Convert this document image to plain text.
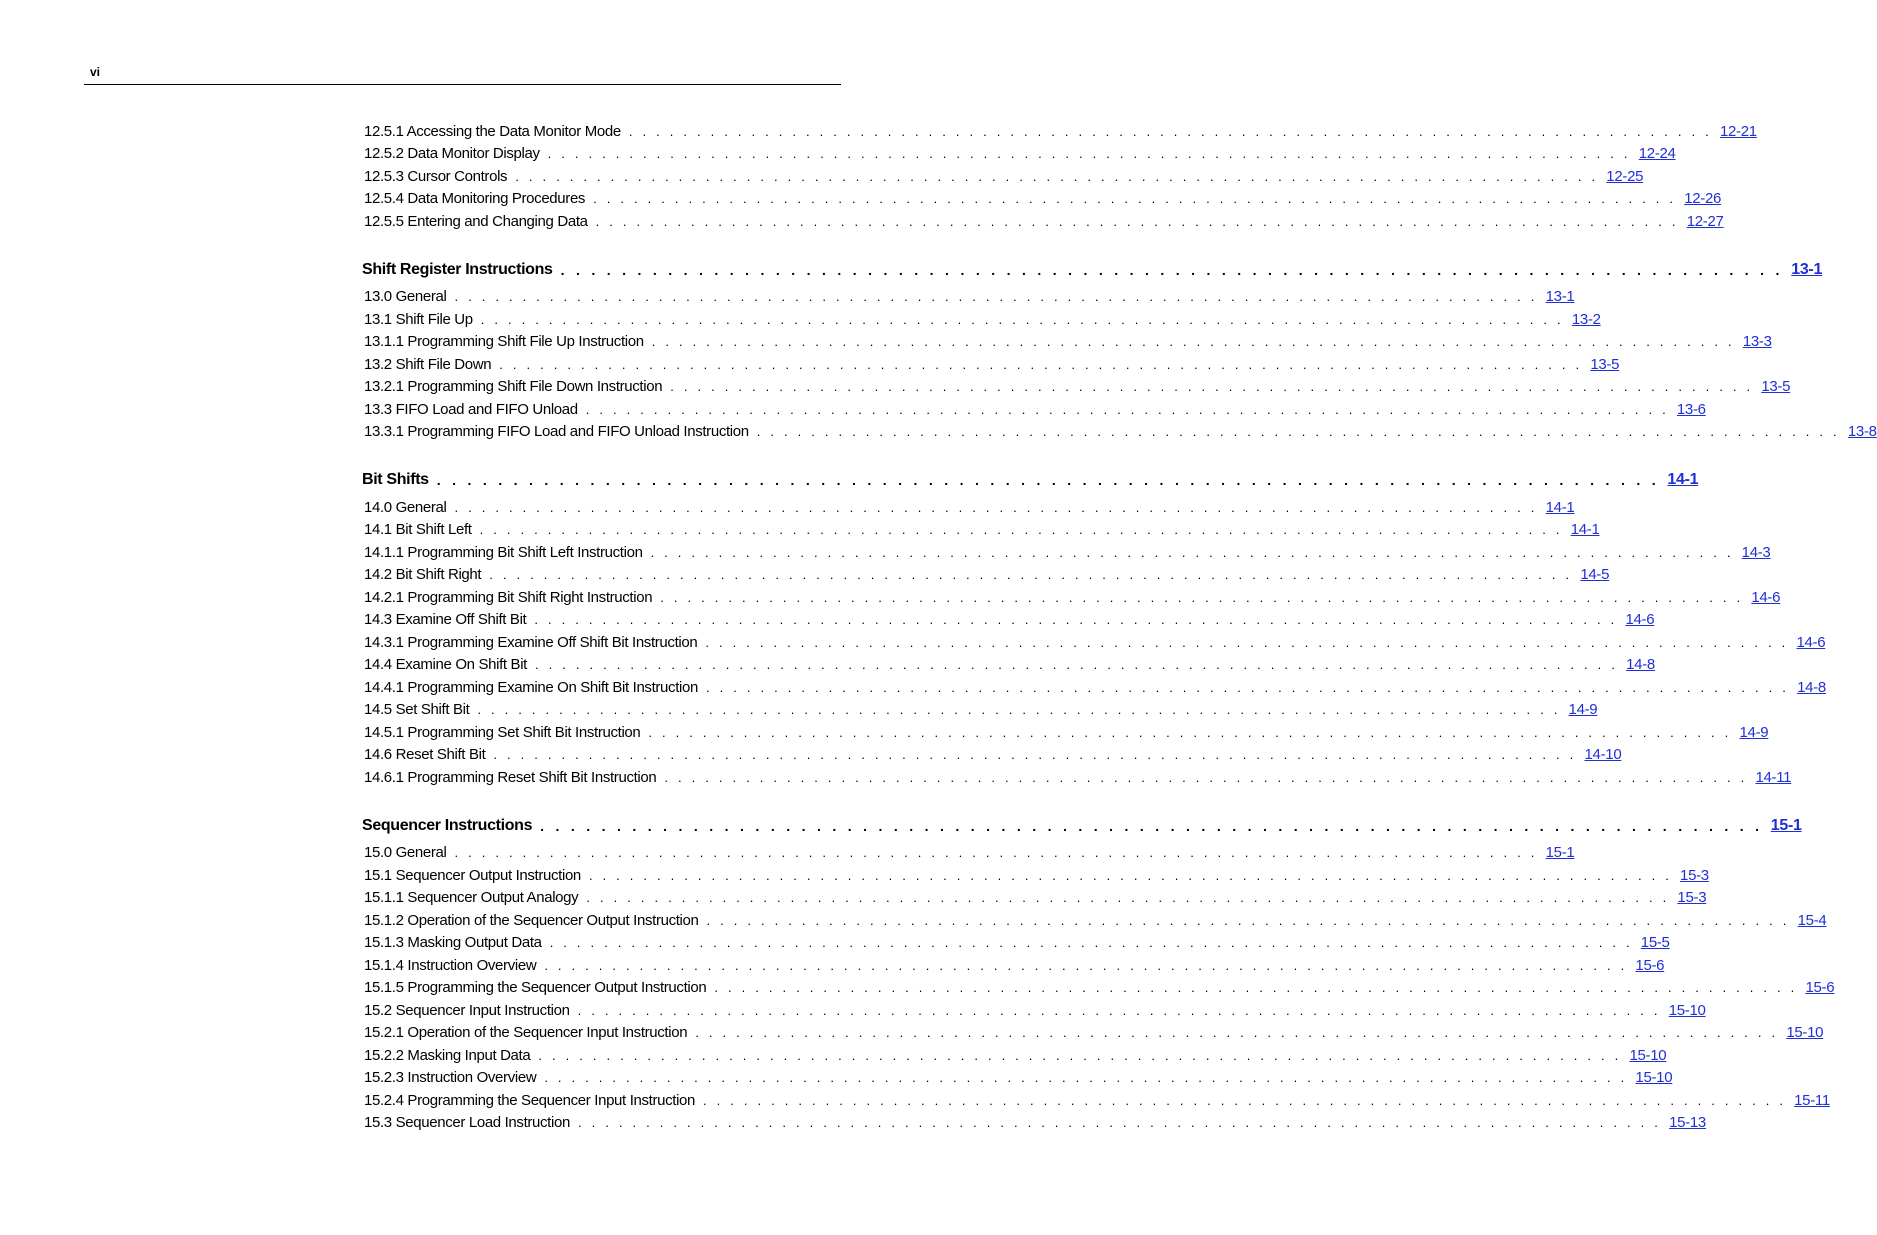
vi
12.5.1 Accessing the Data Monitor Mode . . . . . . . . . . . . . . . . . . . . . . . . . . . . . . . . . . . . . . . . . . . . . . . . . . . . . . . . . . . . . . . . . . . . . . . . . . . . . . . . 12-21
12.5.2 Data Monitor Display . . . . . . . . . . . . . . . . . . . . . . . . . . . . . . . . . . . . . . . . . . . . . . . . . . . . . . . . . . . . . . . . . . . . . . . . . . . . . . . . 12-24
12.5.3 Cursor Controls . . . . . . . . . . . . . . . . . . . . . . . . . . . . . . . . . . . . . . . . . . . . . . . . . . . . . . . . . . . . . . . . . . . . . . . . . . . . . . . . 12-25
12.5.4 Data Monitoring Procedures . . . . . . . . . . . . . . . . . . . . . . . . . . . . . . . . . . . . . . . . . . . . . . . . . . . . . . . . . . . . . . . . . . . . . . . . . . . . . . . . 12-26
12.5.5 Entering and Changing Data . . . . . . . . . . . . . . . . . . . . . . . . . . . . . . . . . . . . . . . . . . . . . . . . . . . . . . . . . . . . . . . . . . . . . . . . . . . . . . . . 12-27
Shift Register Instructions . . . . . . . . . . . . . . . . . . . . . . . . . . . . . . . . . . . . . . . . . . . . . . . . . . . . . . . . . . . . . . . . . . . . . . . . . . . . . . . . 13-1
13.0 General . . . . . . . . . . . . . . . . . . . . . . . . . . . . . . . . . . . . . . . . . . . . . . . . . . . . . . . . . . . . . . . . . . . . . . . . . . . . . . . . 13-1
13.1 Shift File Up . . . . . . . . . . . . . . . . . . . . . . . . . . . . . . . . . . . . . . . . . . . . . . . . . . . . . . . . . . . . . . . . . . . . . . . . . . . . . . . . 13-2
13.1.1 Programming Shift File Up Instruction . . . . . . . . . . . . . . . . . . . . . . . . . . . . . . . . . . . . . . . . . . . . . . . . . . . . . . . . . . . . . . . . . . . . . . . . . . . . . . . . 13-3
13.2 Shift File Down . . . . . . . . . . . . . . . . . . . . . . . . . . . . . . . . . . . . . . . . . . . . . . . . . . . . . . . . . . . . . . . . . . . . . . . . . . . . . . . . 13-5
13.2.1 Programming Shift File Down Instruction . . . . . . . . . . . . . . . . . . . . . . . . . . . . . . . . . . . . . . . . . . . . . . . . . . . . . . . . . . . . . . . . . . . . . . . . . . . . . . . . 13-5
13.3 FIFO Load and FIFO Unload . . . . . . . . . . . . . . . . . . . . . . . . . . . . . . . . . . . . . . . . . . . . . . . . . . . . . . . . . . . . . . . . . . . . . . . . . . . . . . . . 13-6
13.3.1 Programming FIFO Load and FIFO Unload Instruction . . . . . . . . . . . . . . . . . . . . . . . . . . . . . . . . . . . . . . . . . . . . . . . . . . . . . . . . . . . . . . . . . . . . . . . . . . . . . . . . 13-8
Bit Shifts . . . . . . . . . . . . . . . . . . . . . . . . . . . . . . . . . . . . . . . . . . . . . . . . . . . . . . . . . . . . . . . . . . . . . . . . . . . . . . . . 14-1
14.0 General . . . . . . . . . . . . . . . . . . . . . . . . . . . . . . . . . . . . . . . . . . . . . . . . . . . . . . . . . . . . . . . . . . . . . . . . . . . . . . . . 14-1
14.1 Bit Shift Left . . . . . . . . . . . . . . . . . . . . . . . . . . . . . . . . . . . . . . . . . . . . . . . . . . . . . . . . . . . . . . . . . . . . . . . . . . . . . . . . 14-1
14.1.1 Programming Bit Shift Left Instruction . . . . . . . . . . . . . . . . . . . . . . . . . . . . . . . . . . . . . . . . . . . . . . . . . . . . . . . . . . . . . . . . . . . . . . . . . . . . . . . . 14-3
14.2 Bit Shift Right . . . . . . . . . . . . . . . . . . . . . . . . . . . . . . . . . . . . . . . . . . . . . . . . . . . . . . . . . . . . . . . . . . . . . . . . . . . . . . . . 14-5
14.2.1 Programming Bit Shift Right Instruction . . . . . . . . . . . . . . . . . . . . . . . . . . . . . . . . . . . . . . . . . . . . . . . . . . . . . . . . . . . . . . . . . . . . . . . . . . . . . . . . 14-6
14.3 Examine Off Shift Bit . . . . . . . . . . . . . . . . . . . . . . . . . . . . . . . . . . . . . . . . . . . . . . . . . . . . . . . . . . . . . . . . . . . . . . . . . . . . . . . . 14-6
14.3.1 Programming Examine Off Shift Bit Instruction . . . . . . . . . . . . . . . . . . . . . . . . . . . . . . . . . . . . . . . . . . . . . . . . . . . . . . . . . . . . . . . . . . . . . . . . . . . . . . . . 14-6
14.4 Examine On Shift Bit . . . . . . . . . . . . . . . . . . . . . . . . . . . . . . . . . . . . . . . . . . . . . . . . . . . . . . . . . . . . . . . . . . . . . . . . . . . . . . . . 14-8
14.4.1 Programming Examine On Shift Bit Instruction . . . . . . . . . . . . . . . . . . . . . . . . . . . . . . . . . . . . . . . . . . . . . . . . . . . . . . . . . . . . . . . . . . . . . . . . . . . . . . . . 14-8
14.5 Set Shift Bit . . . . . . . . . . . . . . . . . . . . . . . . . . . . . . . . . . . . . . . . . . . . . . . . . . . . . . . . . . . . . . . . . . . . . . . . . . . . . . . . 14-9
14.5.1 Programming Set Shift Bit Instruction . . . . . . . . . . . . . . . . . . . . . . . . . . . . . . . . . . . . . . . . . . . . . . . . . . . . . . . . . . . . . . . . . . . . . . . . . . . . . . . . 14-9
14.6 Reset Shift Bit . . . . . . . . . . . . . . . . . . . . . . . . . . . . . . . . . . . . . . . . . . . . . . . . . . . . . . . . . . . . . . . . . . . . . . . . . . . . . . . . 14-10
14.6.1 Programming Reset Shift Bit Instruction . . . . . . . . . . . . . . . . . . . . . . . . . . . . . . . . . . . . . . . . . . . . . . . . . . . . . . . . . . . . . . . . . . . . . . . . . . . . . . . . 14-11
Sequencer Instructions . . . . . . . . . . . . . . . . . . . . . . . . . . . . . . . . . . . . . . . . . . . . . . . . . . . . . . . . . . . . . . . . . . . . . . . . . . . . . . . . 15-1
15.0 General . . . . . . . . . . . . . . . . . . . . . . . . . . . . . . . . . . . . . . . . . . . . . . . . . . . . . . . . . . . . . . . . . . . . . . . . . . . . . . . . 15-1
15.1 Sequencer Output Instruction . . . . . . . . . . . . . . . . . . . . . . . . . . . . . . . . . . . . . . . . . . . . . . . . . . . . . . . . . . . . . . . . . . . . . . . . . . . . . . . . 15-3
15.1.1 Sequencer Output Analogy . . . . . . . . . . . . . . . . . . . . . . . . . . . . . . . . . . . . . . . . . . . . . . . . . . . . . . . . . . . . . . . . . . . . . . . . . . . . . . . . 15-3
15.1.2 Operation of the Sequencer Output Instruction . . . . . . . . . . . . . . . . . . . . . . . . . . . . . . . . . . . . . . . . . . . . . . . . . . . . . . . . . . . . . . . . . . . . . . . . . . . . . . . . 15-4
15.1.3 Masking Output Data . . . . . . . . . . . . . . . . . . . . . . . . . . . . . . . . . . . . . . . . . . . . . . . . . . . . . . . . . . . . . . . . . . . . . . . . . . . . . . . . 15-5
15.1.4 Instruction Overview . . . . . . . . . . . . . . . . . . . . . . . . . . . . . . . . . . . . . . . . . . . . . . . . . . . . . . . . . . . . . . . . . . . . . . . . . . . . . . . . 15-6
15.1.5 Programming the Sequencer Output Instruction . . . . . . . . . . . . . . . . . . . . . . . . . . . . . . . . . . . . . . . . . . . . . . . . . . . . . . . . . . . . . . . . . . . . . . . . . . . . . . . . 15-6
15.2 Sequencer Input Instruction . . . . . . . . . . . . . . . . . . . . . . . . . . . . . . . . . . . . . . . . . . . . . . . . . . . . . . . . . . . . . . . . . . . . . . . . . . . . . . . . 15-10
15.2.1 Operation of the Sequencer Input Instruction . . . . . . . . . . . . . . . . . . . . . . . . . . . . . . . . . . . . . . . . . . . . . . . . . . . . . . . . . . . . . . . . . . . . . . . . . . . . . . . . 15-10
15.2.2 Masking Input Data . . . . . . . . . . . . . . . . . . . . . . . . . . . . . . . . . . . . . . . . . . . . . . . . . . . . . . . . . . . . . . . . . . . . . . . . . . . . . . . . 15-10
15.2.3 Instruction Overview . . . . . . . . . . . . . . . . . . . . . . . . . . . . . . . . . . . . . . . . . . . . . . . . . . . . . . . . . . . . . . . . . . . . . . . . . . . . . . . . 15-10
15.2.4 Programming the Sequencer Input Instruction . . . . . . . . . . . . . . . . . . . . . . . . . . . . . . . . . . . . . . . . . . . . . . . . . . . . . . . . . . . . . . . . . . . . . . . . . . . . . . . . 15-11
15.3 Sequencer Load Instruction . . . . . . . . . . . . . . . . . . . . . . . . . . . . . . . . . . . . . . . . . . . . . . . . . . . . . . . . . . . . . . . . . . . . . . . . . . . . . . . . 15-13
